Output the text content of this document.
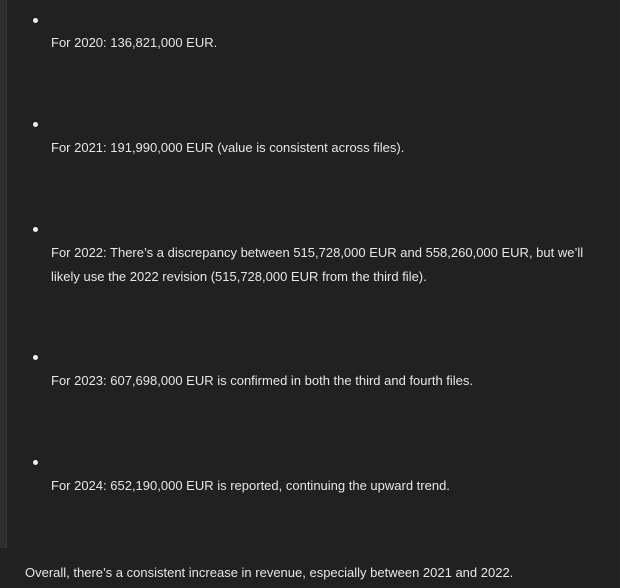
For 2020: 136,821,000 EUR.
For 2021: 191,990,000 EUR (value is consistent across files).
For 2022: There’s a discrepancy between 515,728,000 EUR and 558,260,000 EUR, but we’ll likely use the 2022 revision (515,728,000 EUR from the third file).
For 2023: 607,698,000 EUR is confirmed in both the third and fourth files.
For 2024: 652,190,000 EUR is reported, continuing the upward trend.
Overall, there’s a consistent increase in revenue, especially between 2021 and 2022.
